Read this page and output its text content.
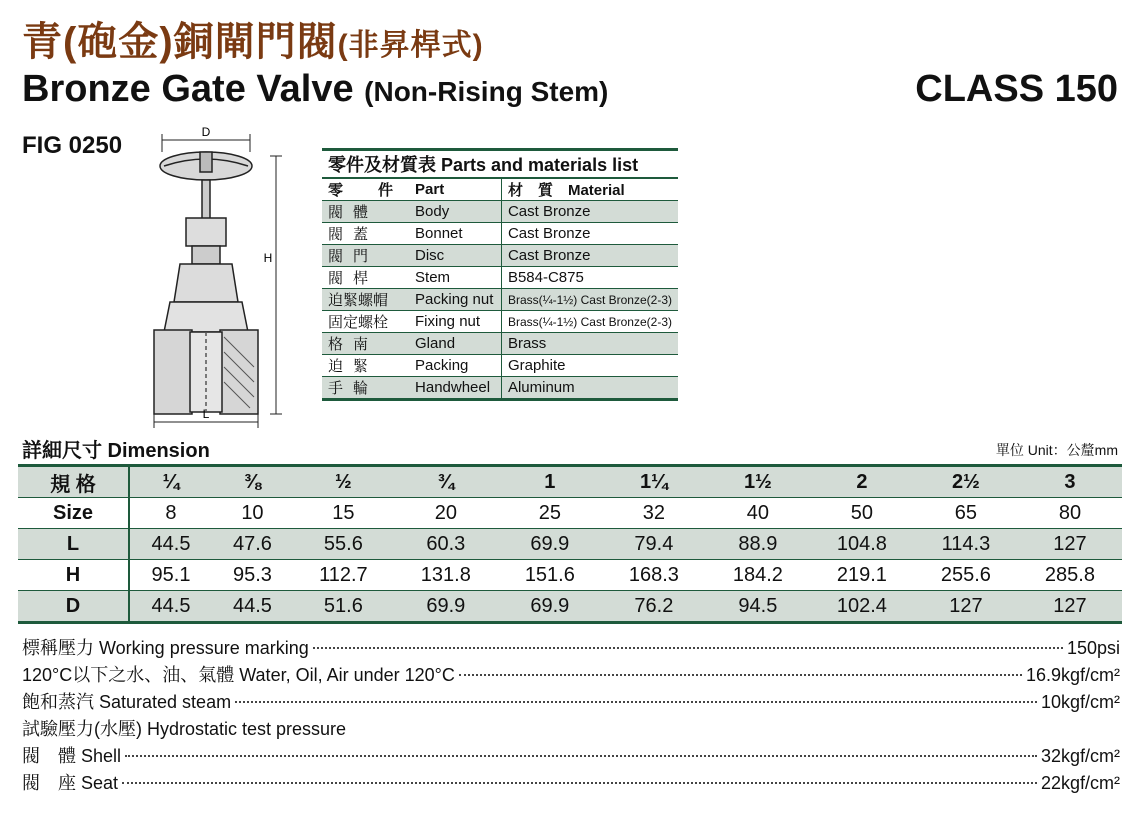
青(砲金)銅閘門閥(非昇桿式)
Bronze Gate Valve (Non-Rising Stem)	CLASS 150
FIG 0250	D
H
L
零件及材質表 Parts and materials list		
零　件	Part	材　質　 Material
閥體	Body	Cast Bronze
閥蓋	Bonnet	Cast Bronze
閥門	Disc	Cast Bronze
閥桿	Stem	B584-C875
迫緊螺帽	Packing nut	Brass(¼-1½) Cast Bronze(2-3)
固定螺栓	Fixing nut	Brass(¼-1½) Cast Bronze(2-3)
格南	Gland	Brass
迫緊	Packing	Graphite
手輪	Handwheel	Aluminum
詳細尺寸 Dimension	單位 Unit：公釐mm
規 格	¼	⅜	½	¾	1	1¼	1½	2	2½	3
Size	8	10	15	20	25	32	40	50	65	80
L	44.5	47.6	55.6	60.3	69.9	79.4	88.9	104.8	114.3	127
H	95.1	95.3	112.7	131.8	151.6	168.3	184.2	219.1	255.6	285.8
D	44.5	44.5	51.6	69.9	69.9	76.2	94.5	102.4	127	127
標稱壓力 Working pressure marking	150psi
120°C以下之水、油、氣體 Water, Oil, Air under 120°C	16.9kgf/cm²
飽和蒸汽 Saturated steam	10kgf/cm²
試驗壓力(水壓) Hydrostatic test pressure
閥　體 Shell	32kgf/cm²
閥　座 Seat	22kgf/cm²
